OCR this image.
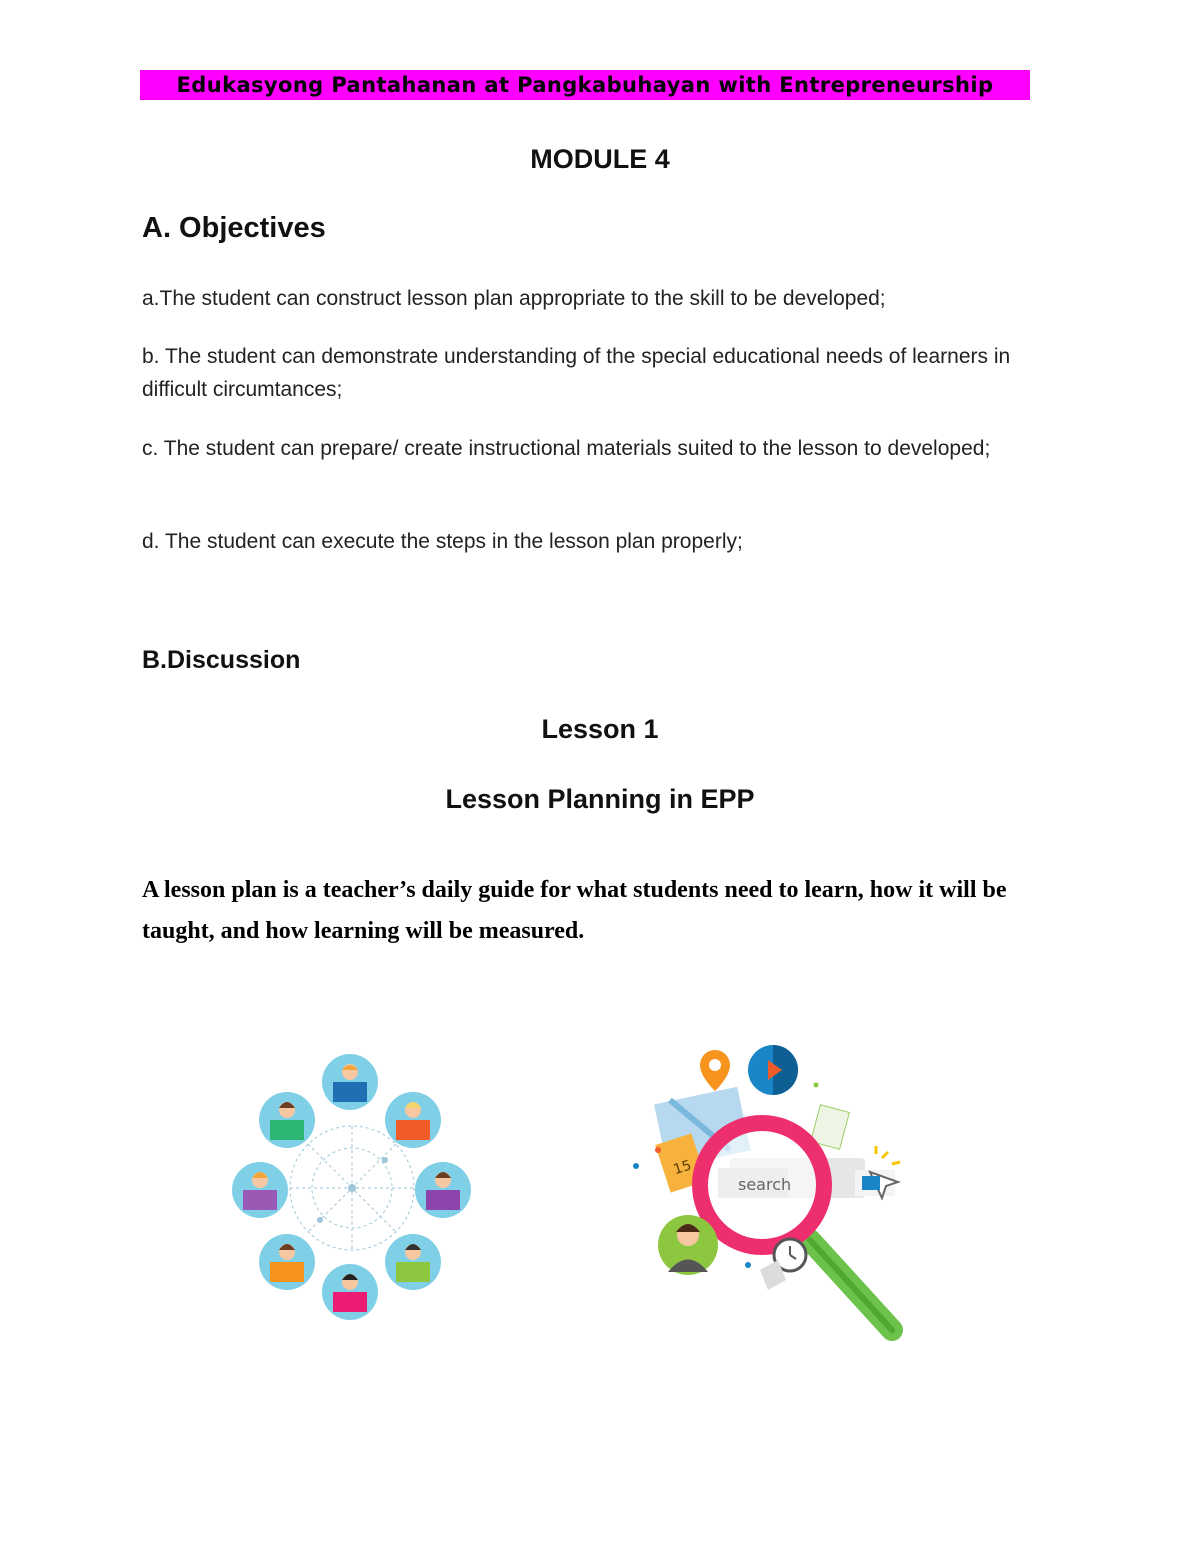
Edukasyong Pantahanan at Pangkabuhayan with Entrepreneurship
MODULE 4
A. Objectives
a.The student can construct lesson plan appropriate to the skill to be developed;
b. The student can demonstrate understanding of the special educational needs of learners in difficult circumtances;
c. The student can prepare/ create instructional materials suited to the lesson to developed;
d. The student can execute the steps in the lesson plan properly;
B.Discussion
Lesson 1
Lesson Planning in EPP
A lesson plan is a teacher’s daily guide for what students need to learn, how it will be taught, and how learning will be measured.
15
search
